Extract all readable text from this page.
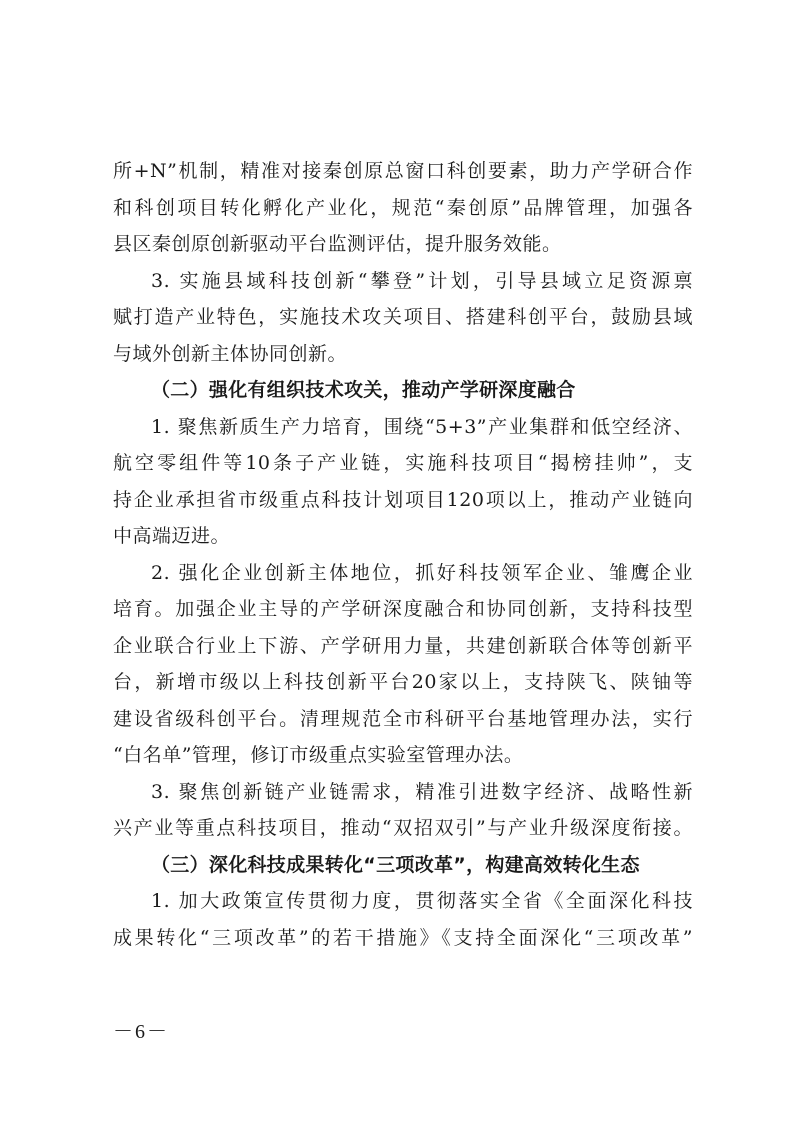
所+N”机制，精准对接秦创原总窗口科创要素，助力产学研合作
和科创项目转化孵化产业化，规范“秦创原”品牌管理，加强各
县区秦创原创新驱动平台监测评估，提升服务效能。
3. 实施县域科技创新“攀登”计划，引导县域立足资源禀
赋打造产业特色，实施技术攻关项目、搭建科创平台，鼓励县域
与域外创新主体协同创新。
（二）强化有组织技术攻关，推动产学研深度融合
1. 聚焦新质生产力培育，围绕“5+3”产业集群和低空经济、
航空零组件等10条子产业链，实施科技项目“揭榜挂帅”，支
持企业承担省市级重点科技计划项目120项以上，推动产业链向
中高端迈进。
2. 强化企业创新主体地位，抓好科技领军企业、雏鹰企业
培育。加强企业主导的产学研深度融合和协同创新，支持科技型
企业联合行业上下游、产学研用力量，共建创新联合体等创新平
台，新增市级以上科技创新平台20家以上，支持陕飞、陕铀等
建设省级科创平台。清理规范全市科研平台基地管理办法，实行
“白名单”管理，修订市级重点实验室管理办法。
3. 聚焦创新链产业链需求，精准引进数字经济、战略性新
兴产业等重点科技项目，推动“双招双引”与产业升级深度衔接。
（三）深化科技成果转化“三项改革”，构建高效转化生态
1. 加大政策宣传贯彻力度，贯彻落实全省《全面深化科技
成果转化“三项改革”的若干措施》《支持全面深化“三项改革”
－6－
